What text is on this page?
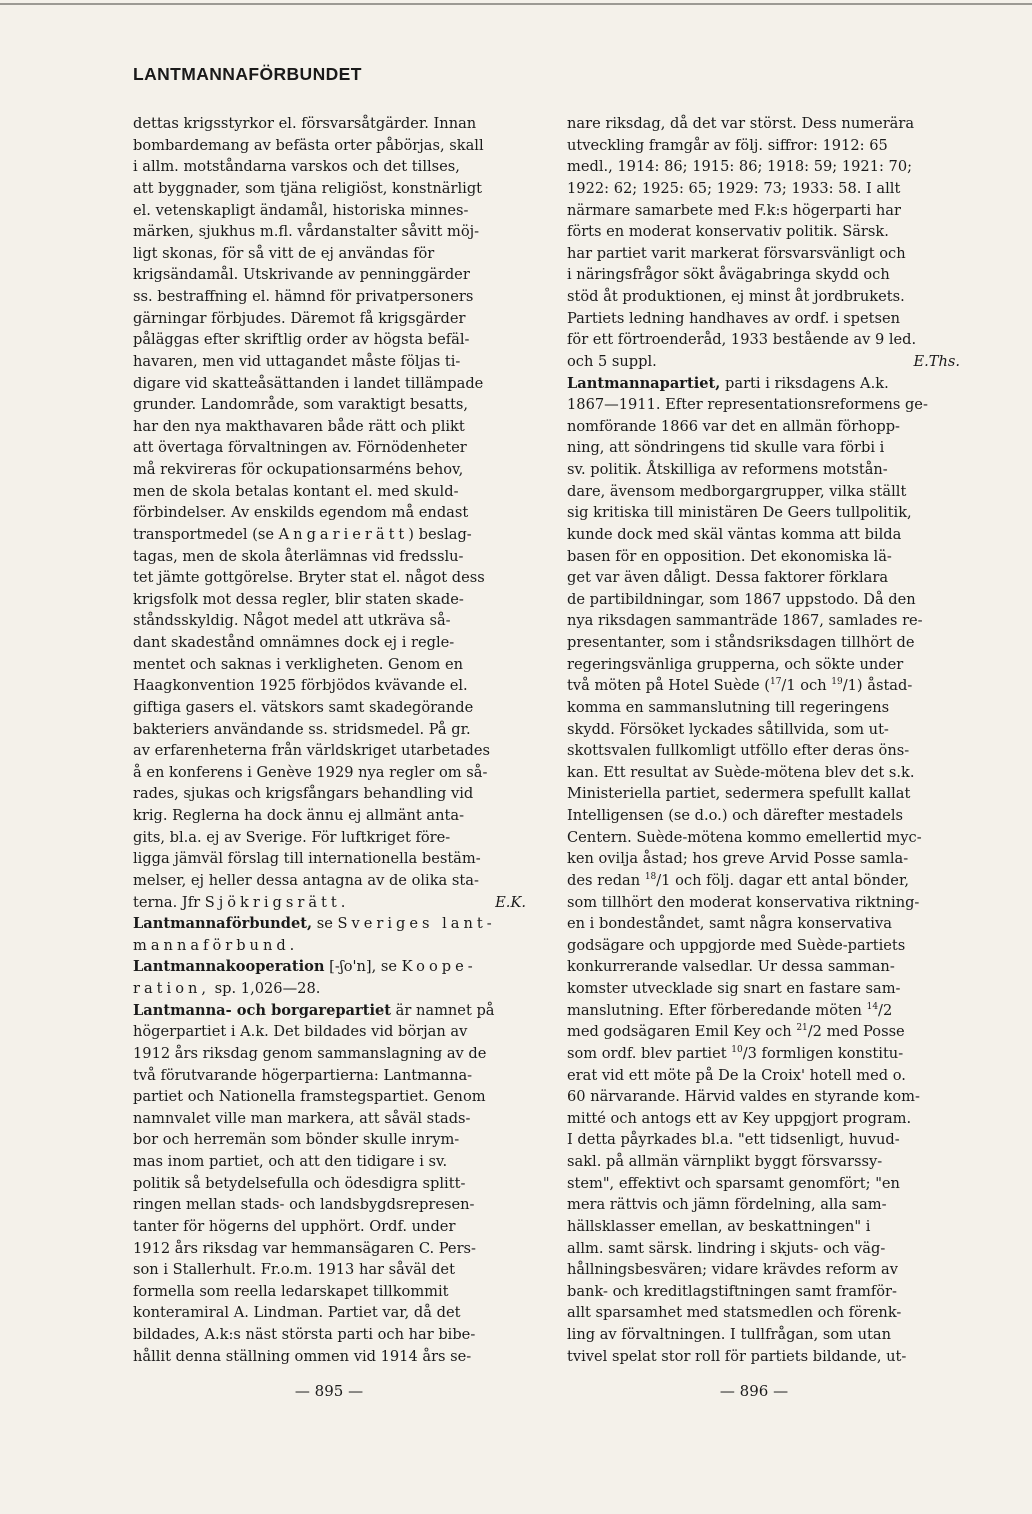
LANTMANNAFÖRBUNDET

dettas krigsstyrkor el. försvarsåtgärder. Innan

bombardemang av befästa orter påbörjas, skall

i allm. motståndarna varskos och det tillses,

att byggnader, som tjäna religiöst, konstnärligt

el. vetenskapligt ändamål, historiska minnes-

märken, sjukhus m.fl. vårdanstalter såvitt möj-

ligt skonas, för så vitt de ej användas för

krigsändamål. Utskrivande av penninggärder

ss. bestraffning el. hämnd för privatpersoners

gärningar förbjudes. Däremot få krigsgärder

påläggas efter skriftlig order av högsta befäl-

havaren, men vid uttagandet måste följas ti-

digare vid skatteåsättanden i landet tillämpade

grunder. Landområde, som varaktigt besatts,

har den nya makthavaren både rätt och plikt

att övertaga förvaltningen av. Förnödenheter

må rekvireras för ockupationsarméns behov,

men de skola betalas kontant el. med skuld-

förbindelser. Av enskilds egendom må endast

transportmedel (se Angarierätt) beslag-

tagas, men de skola återlämnas vid fredsslu-

tet jämte gottgörelse. Bryter stat el. något dess

krigsfolk mot dessa regler, blir staten skade-

ståndsskyldig. Något medel att utkräva så-

dant skadestånd omnämnes dock ej i regle-

mentet och saknas i verkligheten. Genom en

Haagkonvention 1925 förbjödos kvävande el.

giftiga gasers el. vätskors samt skadegörande

bakteriers användande ss. stridsmedel. På gr.

av erfarenheterna från världskriget utarbetades

å en konferens i Genève 1929 nya regler om så-

rades, sjukas och krigsfångars behandling vid

krig. Reglerna ha dock ännu ej allmänt anta-

gits, bl.a. ej av Sverige. För luftkriget före-

ligga jämväl förslag till internationella bestäm-

melser, ej heller dessa antagna av de olika sta-

terna. Jfr Sjökrigsrätt.	E.K.

Lantmannaförbundet, se Sveriges lant-

mannaförbund.

Lantmannakooperation [-ʃo'n], se Koope-

ration, sp. 1,026—28.

Lantmanna- och borgarepartiet är namnet på

högerpartiet i A.k. Det bildades vid början av

1912 års riksdag genom sammanslagning av de

två förutvarande högerpartierna: Lantmanna-

partiet och Nationella framstegspartiet. Genom

namnvalet ville man markera, att såväl stads-

bor och herremän som bönder skulle inrym-

mas inom partiet, och att den tidigare i sv.

politik så betydelsefulla och ödesdigra splitt-

ringen mellan stads- och landsbygdsrepresen-

tanter för högerns del upphört. Ordf. under

1912 års riksdag var hemmansägaren C. Pers-

son i Stallerhult. Fr.o.m. 1913 har såväl det

formella som reella ledarskapet tillkommit

konteramiral A. Lindman. Partiet var, då det

bildades, A.k:s näst största parti och har bibe-

hållit denna ställning ommen vid 1914 års se-

nare riksdag, då det var störst. Dess numerära

utveckling framgår av följ. siffror: 1912: 65

medl., 1914: 86; 1915: 86; 1918: 59; 1921: 70;

1922: 62; 1925: 65; 1929: 73; 1933: 58. I allt

närmare samarbete med F.k:s högerparti har

förts en moderat konservativ politik. Särsk.

har partiet varit markerat försvarsvänligt och

i näringsfrågor sökt åvägabringa skydd och

stöd åt produktionen, ej minst åt jordbrukets.

Partiets ledning handhaves av ordf. i spetsen

för ett förtroenderåd, 1933 bestående av 9 led.

och 5 suppl.	E.Ths.

Lantmannapartiet, parti i riksdagens A.k.

1867—1911. Efter representationsreformens ge-

nomförande 1866 var det en allmän förhopp-

ning, att söndringens tid skulle vara förbi i

sv. politik. Åtskilliga av reformens motstån-

dare, ävensom medborgargrupper, vilka ställt

sig kritiska till ministären De Geers tullpolitik,

kunde dock med skäl väntas komma att bilda

basen för en opposition. Det ekonomiska lä-

get var även dåligt. Dessa faktorer förklara

de partibildningar, som 1867 uppstodo. Då den

nya riksdagen sammanträde 1867, samlades re-

presentanter, som i ståndsriksdagen tillhört de

regeringsvänliga grupperna, och sökte under

två möten på Hotel Suède ($^{17}$/1 och $^{19}$/1) åstad-

komma en sammanslutning till regeringens

skydd. Försöket lyckades såtillvida, som ut-

skottsvalen fullkomligt utföllo efter deras öns-

kan. Ett resultat av Suède-mötena blev det s.k.

Ministeriella partiet, sedermera spefullt kallat

Intelligensen (se d.o.) och därefter mestadels

Centern. Suède-mötena kommo emellertid myc-

ken ovilja åstad; hos greve Arvid Posse samla-

des redan $^{18}$/1 och följ. dagar ett antal bönder,

som tillhört den moderat konservativa riktning-

en i bondeståndet, samt några konservativa

godsägare och uppgjorde med Suède-partiets

konkurrerande valsedlar. Ur dessa samman-

komster utvecklade sig snart en fastare sam-

manslutning. Efter förberedande möten $^{14}$/2

med godsägaren Emil Key och $^{21}$/2 med Posse

som ordf. blev partiet $^{10}$/3 formligen konstitu-

erat vid ett möte på De la Croix' hotell med o.

60 närvarande. Härvid valdes en styrande kom-

mitté och antogs ett av Key uppgjort program.

I detta påyrkades bl.a. "ett tidsenligt, huvud-

sakl. på allmän värnplikt byggt försvarssy-

stem", effektivt och sparsamt genomfört; "en

mera rättvis och jämn fördelning, alla sam-

hällsklasser emellan, av beskattningen" i

allm. samt särsk. lindring i skjuts- och väg-

hållningsbesvären; vidare krävdes reform av

bank- och kreditlagstiftningen samt framför-

allt sparsamhet med statsmedlen och förenk-

ling av förvaltningen. I tullfrågan, som utan

tvivel spelat stor roll för partiets bildande, ut-

— 895 —	— 896 —
